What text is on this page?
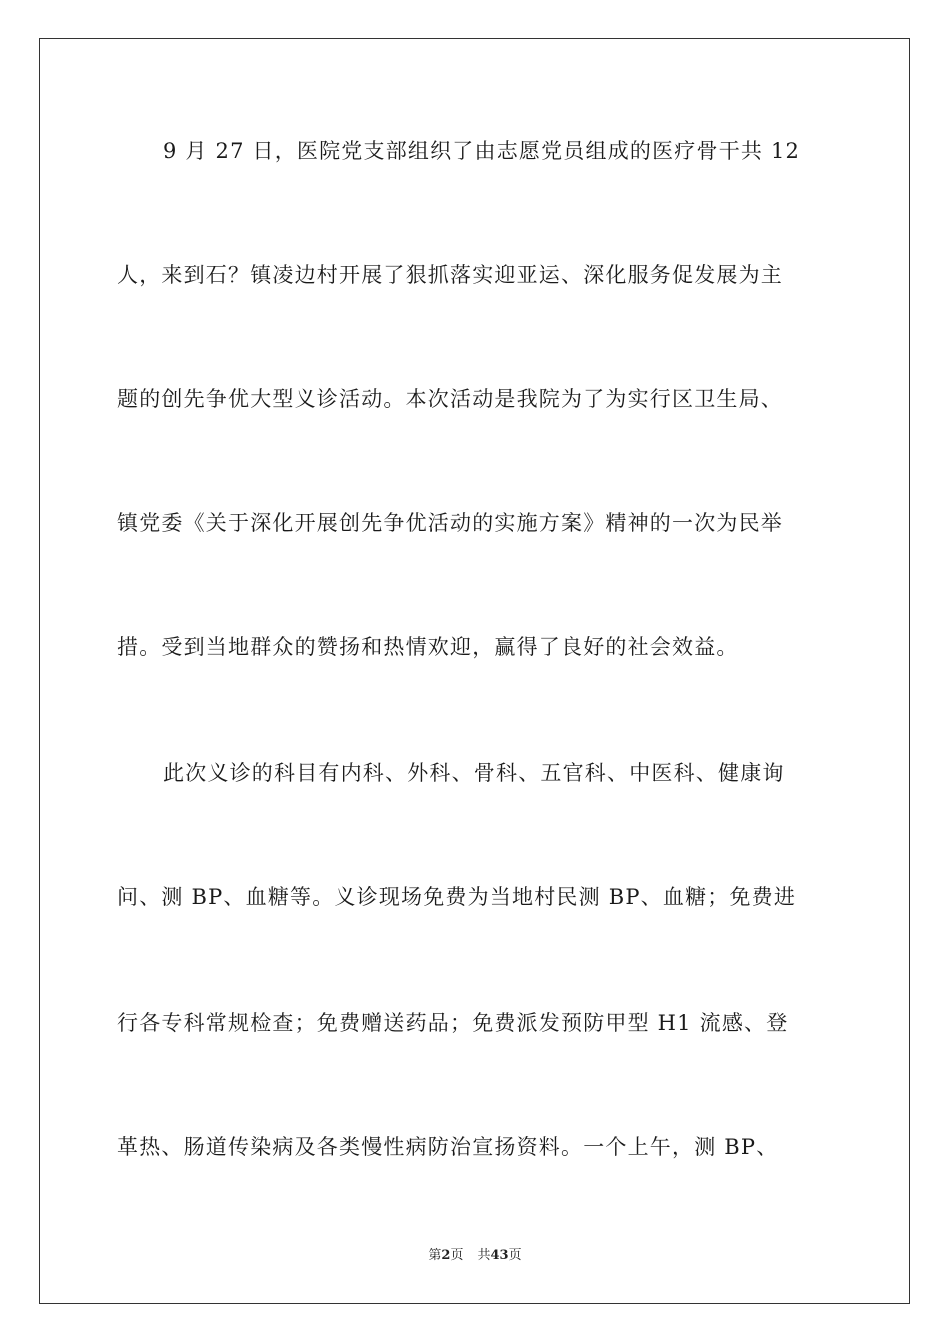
9 月 27 日，医院党支部组织了由志愿党员组成的医疗骨干共 12
人，来到石？镇凌边村开展了狠抓落实迎亚运、深化服务促发展为主
题的创先争优大型义诊活动。本次活动是我院为了为实行区卫生局、
镇党委《关于深化开展创先争优活动的实施方案》精神的一次为民举
措。受到当地群众的赞扬和热情欢迎，赢得了良好的社会效益。
此次义诊的科目有内科、外科、骨科、五官科、中医科、健康询
问、测 BP、血糖等。义诊现场免费为当地村民测 BP、血糖；免费进
行各专科常规检查；免费赠送药品；免费派发预防甲型 H1 流感、登
革热、肠道传染病及各类慢性病防治宣扬资料。一个上午，测 BP、
第2页 共43页
